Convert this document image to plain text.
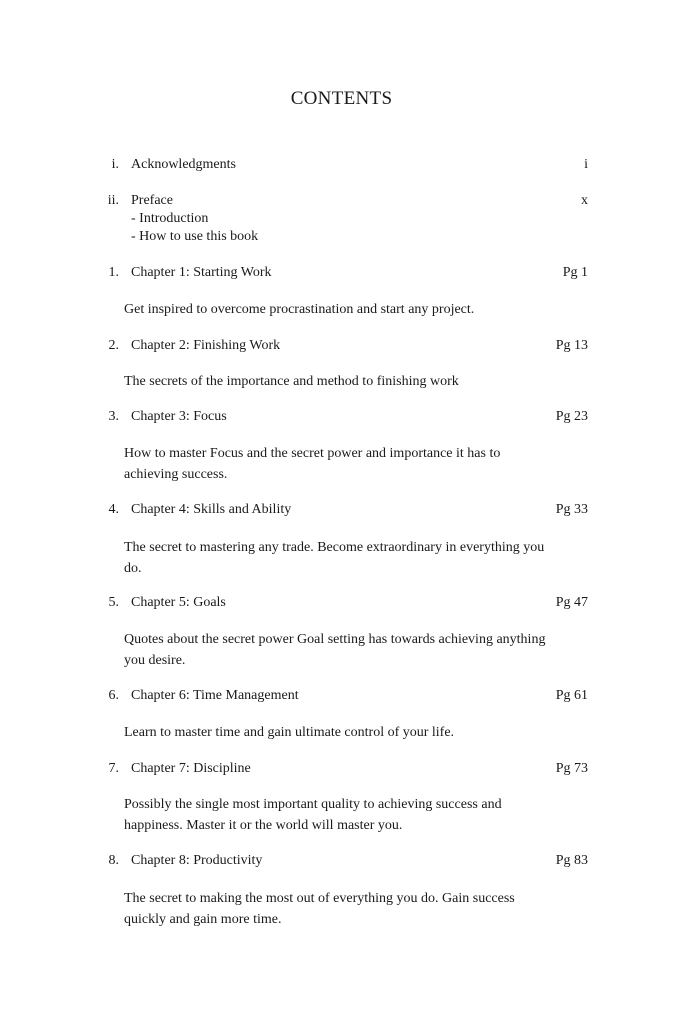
CONTENTS
i. Acknowledgments	i
ii. Preface	x
- Introduction
- How to use this book
1. Chapter 1: Starting Work	Pg 1
Get inspired to overcome procrastination and start any project.
2. Chapter 2: Finishing Work	Pg 13
The secrets of the importance and method to finishing work
3. Chapter 3: Focus	Pg 23
How to master Focus and the secret power and importance it has to achieving success.
4. Chapter 4: Skills and Ability	Pg 33
The secret to mastering any trade. Become extraordinary in everything you do.
5. Chapter 5: Goals	Pg 47
Quotes about the secret power Goal setting has towards achieving anything you desire.
6. Chapter 6: Time Management	Pg 61
Learn to master time and gain ultimate control of your life.
7. Chapter 7: Discipline	Pg 73
Possibly the single most important quality to achieving success and happiness. Master it or the world will master you.
8. Chapter 8: Productivity	Pg 83
The secret to making the most out of everything you do. Gain success quickly and gain more time.
